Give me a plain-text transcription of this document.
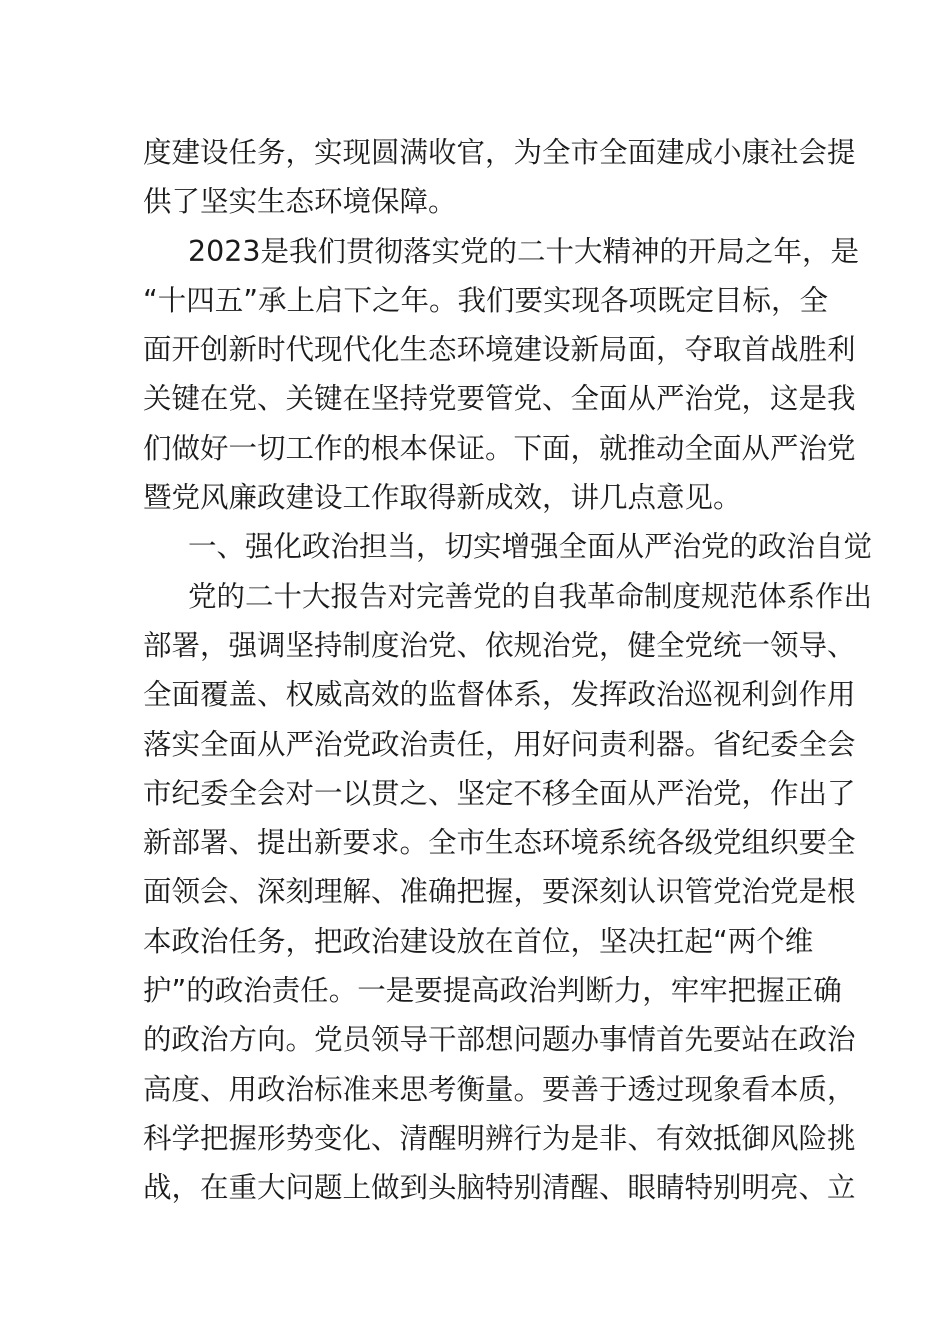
度建设任务，实现圆满收官，为全市全面建成小康社会提
供了坚实生态环境保障。
2023是我们贯彻落实党的二十大精神的开局之年，是
“十四五”承上启下之年。我们要实现各项既定目标，全
面开创新时代现代化生态环境建设新局面，夺取首战胜利
关键在党、关键在坚持党要管党、全面从严治党，这是我
们做好一切工作的根本保证。下面，就推动全面从严治党
暨党风廉政建设工作取得新成效，讲几点意见。
一、强化政治担当，切实增强全面从严治党的政治自觉
党的二十大报告对完善党的自我革命制度规范体系作出
部署，强调坚持制度治党、依规治党，健全党统一领导、
全面覆盖、权威高效的监督体系，发挥政治巡视利剑作用
落实全面从严治党政治责任，用好问责利器。省纪委全会
市纪委全会对一以贯之、坚定不移全面从严治党，作出了
新部署、提出新要求。全市生态环境系统各级党组织要全
面领会、深刻理解、准确把握，要深刻认识管党治党是根
本政治任务，把政治建设放在首位，坚决扛起“两个维
护”的政治责任。一是要提高政治判断力，牢牢把握正确
的政治方向。党员领导干部想问题办事情首先要站在政治
高度、用政治标准来思考衡量。要善于透过现象看本质，
科学把握形势变化、清醒明辨行为是非、有效抵御风险挑
战，在重大问题上做到头脑特别清醒、眼睛特别明亮、立
